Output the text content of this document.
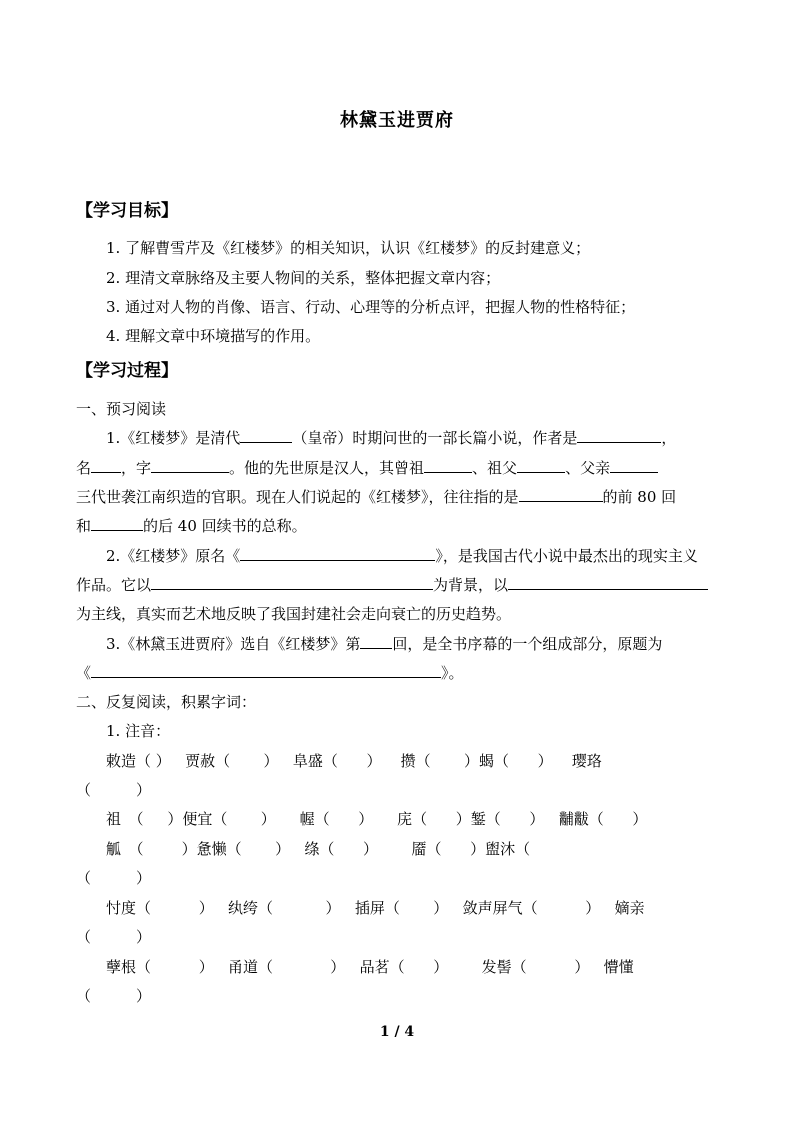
林黛玉进贾府
【学习目标】
1. 了解曹雪芹及《红楼梦》的相关知识，认识《红楼梦》的反封建意义；
2. 理清文章脉络及主要人物间的关系，整体把握文章内容；
3. 通过对人物的肖像、语言、行动、心理等的分析点评，把握人物的性格特征；
4. 理解文章中环境描写的作用。
【学习过程】
一、预习阅读
1.《红楼梦》是清代	（皇帝）时期问世的一部长篇小说，作者是	，
名 ，字	。他的先世原是汉人，其曾祖	、祖父	、父亲
三代世袭江南织造的官职。现在人们说起的《红楼梦》，往往指的是	的前 80 回
和	的后 40 回续书的总称。
2.《红楼梦》原名《	》，是我国古代小说中最杰出的现实主义
作品。它以	为背景，以
为主线，真实而艺术地反映了我国封建社会走向衰亡的历史趋势。
3.《林黛玉进贾府》选自《红楼梦》第 回，是全书序幕的一个组成部分，原题为
《	》。
二、反复阅读，积累字词：
1. 注音：
敕造（ ） 贾赦（ ） 阜盛（ ） 攒（ ）蝎（ ） 璎珞
（　　　）
祖　（ ）便宜（ ） 幄（ ） 庑（ ）錾（ ） 黼黻（ ）
觚　（	）惫懒（ ） 绦（ ） 靥（ ）盥沐（
（　　　）
忖度（	） 纨绔（	） 插屏（ ） 敛声屏气（	） 嫡亲
（　　　）
孽根（	） 甬道（	） 品茗（ ） 发髻（	） 懵懂
（　　　）
1 / 4
